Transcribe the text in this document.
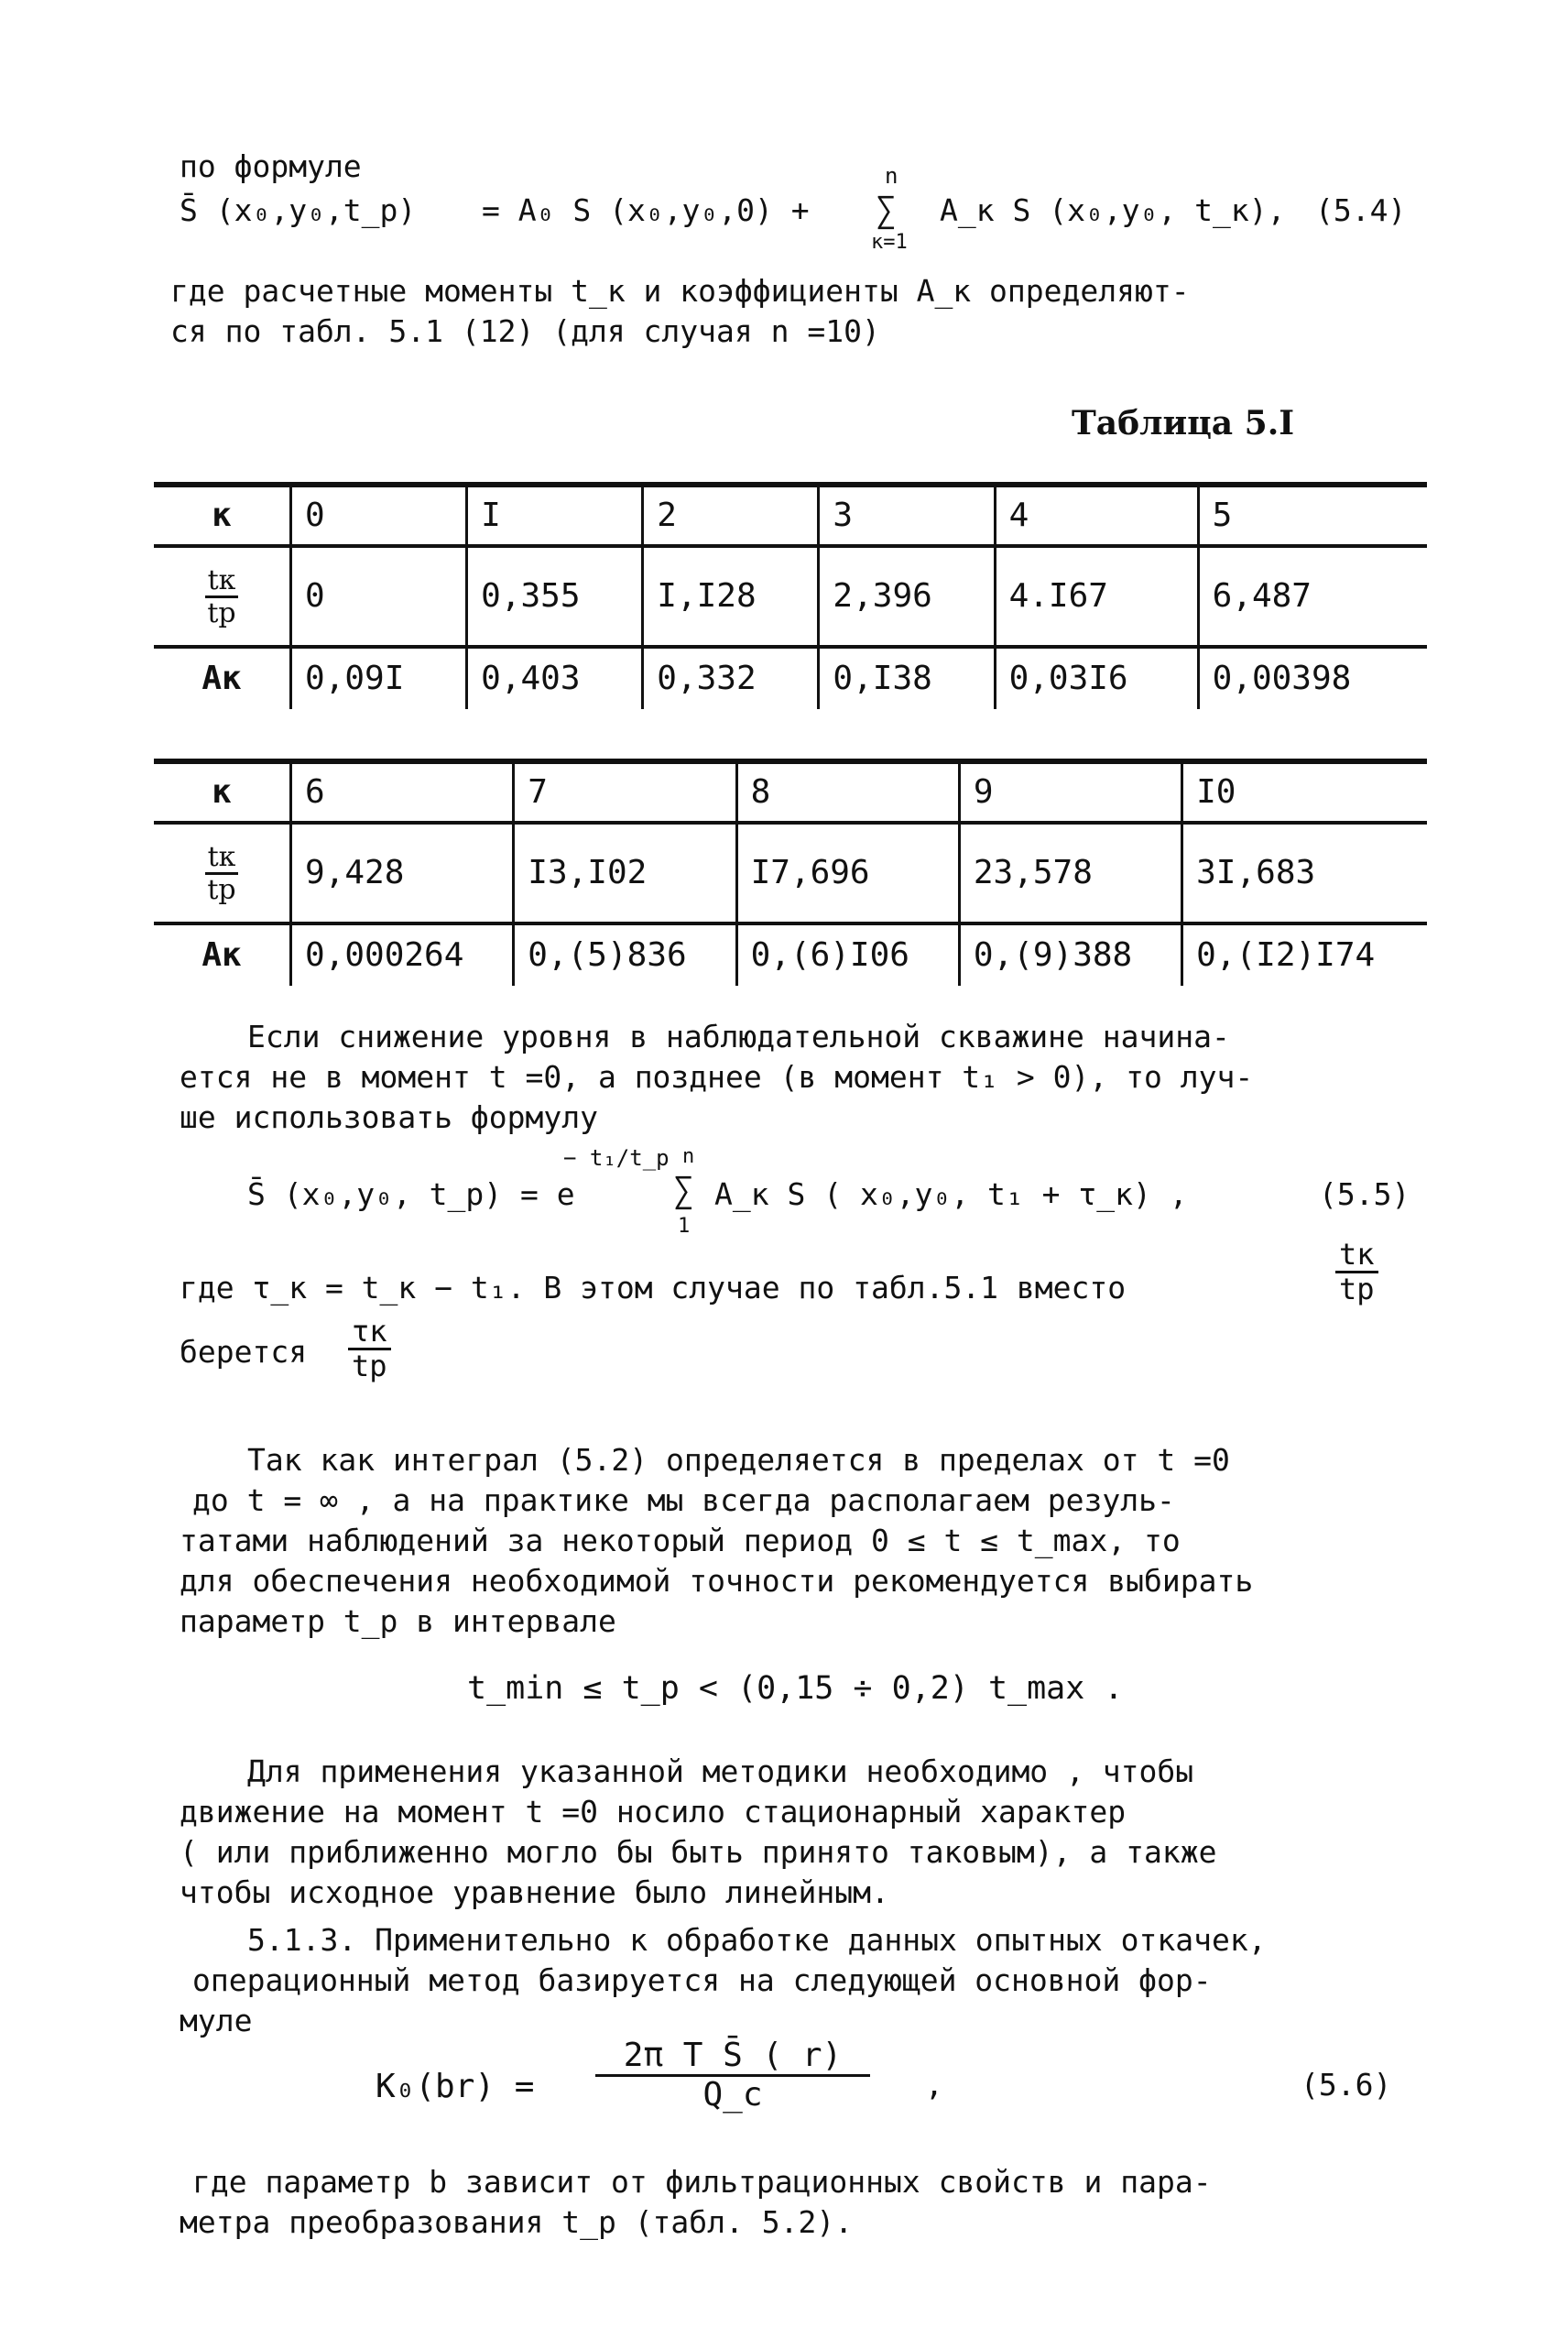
по формуле
S̄ (x₀,y₀,t_p) = A₀ S (x₀,y₀,0) +
n
∑
к=1
A_к S (x₀,y₀, t_к), (5.4)
где расчетные моменты t_к и коэффициенты A_к определяют-
ся по табл. 5.1 (12) (для случая n =10)
Таблица 5.I
к	0	I	2	3	4	5

$\frac{tк}{tр}$	0	0,355	I,I28	2,396	4.I67	6,487
Aк	0,09I	0,403	0,332	0,I38	0,03I6	0,00398
к	6	7	8	9	I0

$\frac{tк}{tр}$	9,428	I3,I02	I7,696	23,578	3I,683
Aк	0,000264	0,(5)836	0,(6)I06	0,(9)388	0,(I2)I74
Если снижение уровня в наблюдательной скважине начина-
ется не в момент t =0, а позднее (в момент t₁ > 0), то луч-
ше использовать формулу
S̄ (x₀,y₀, t_p) = e
− t₁/t_p n
∑
1
A_к S ( x₀,y₀, t₁ + τ_к) ,	(5.5)
где τ_к = t_к − t₁. В этом случае по табл.5.1 вместо
tк
tp
берется
τк
tp
Так как интеграл (5.2) определяется в пределах от t =0
до t = ∞ , а на практике мы всегда располагаем резуль-
татами наблюдений за некоторый период 0 ≤ t ≤ t_max, то
для обеспечения необходимой точности рекомендуется выбирать
параметр t_p в интервале
t_min ≤ t_p < (0,15 ÷ 0,2) t_max .
Для применения указанной методики необходимо , чтобы
движение на момент t =0 носило стационарный характер
( или приближенно могло бы быть принято таковым), а также
чтобы исходное уравнение было линейным.
5.1.3. Применительно к обработке данных опытных откачек,
операционный метод базируется на следующей основной фор-
муле
$K_0(br) = \frac{\text{2π T S̄ ( r)}}{Q\_c}$ ,	(5.6)
где параметр b зависит от фильтрационных свойств и пара-
метра преобразования t_p (табл. 5.2).
